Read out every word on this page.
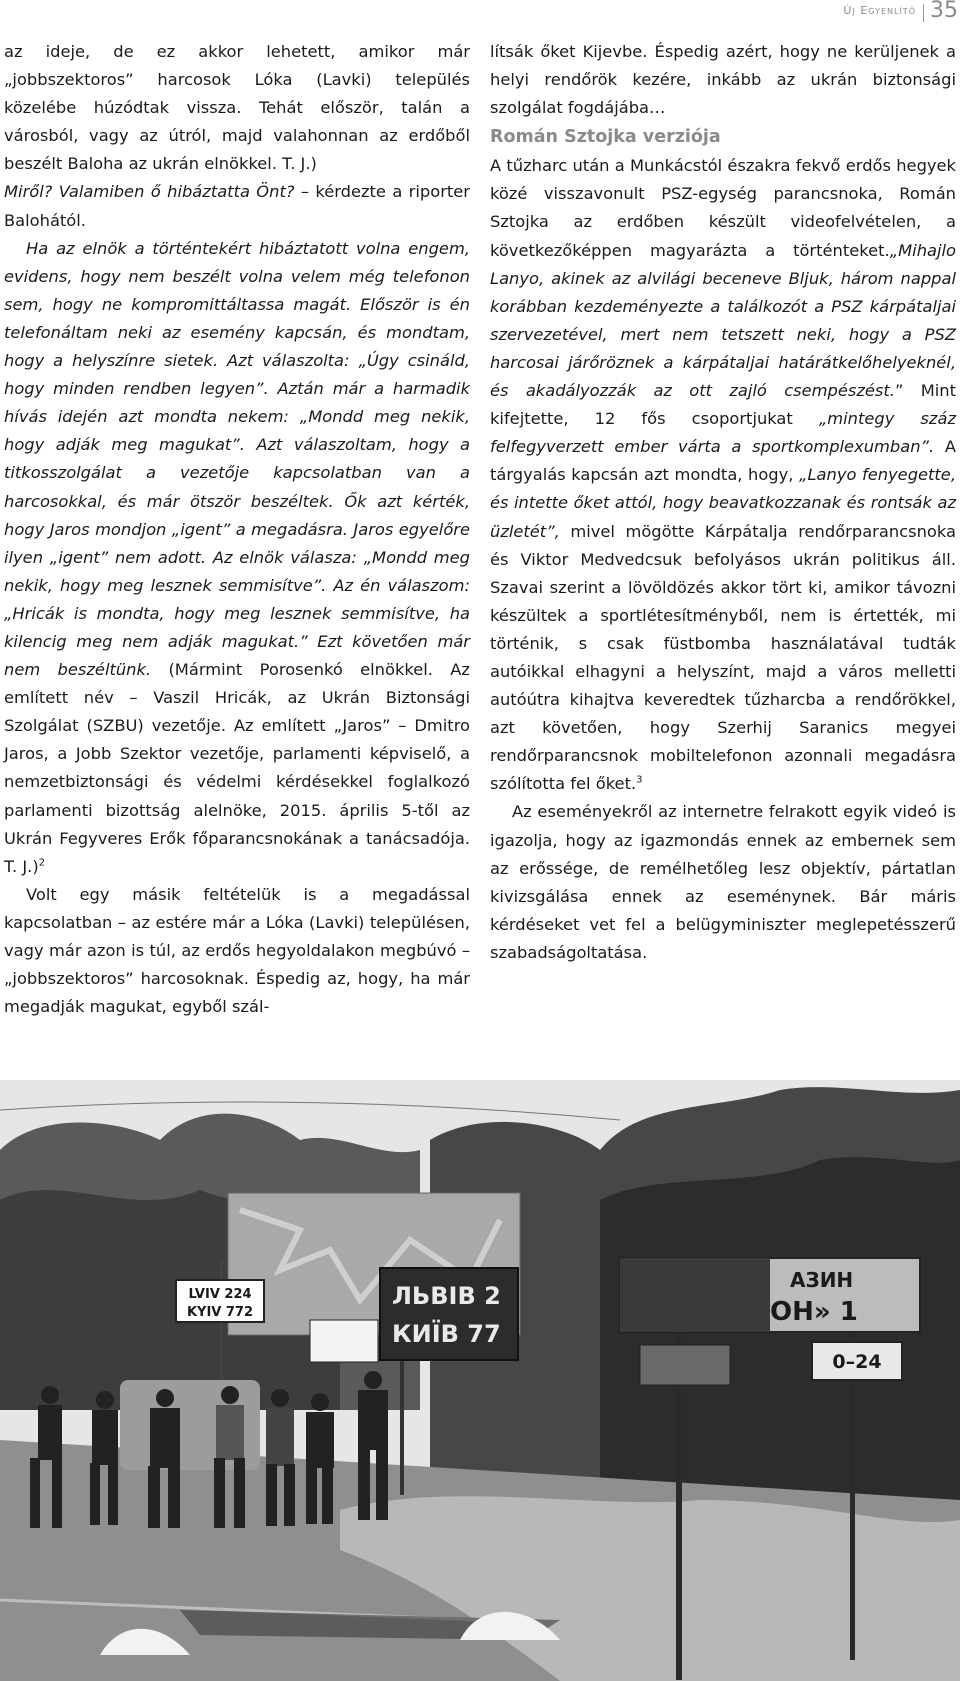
Új Egyenlítő 35

az ideje, de ez akkor lehetett, amikor már „jobbszektoros” harcosok Lóka (Lavki) település közelébe húzódtak vissza. Tehát először, talán a városból, vagy az útról, majd valahonnan az erdőből beszélt Baloha az ukrán elnökkel. T. J.)

Miről? Valamiben ő hibáztatta Önt? – kérdezte a riporter Balohától.

Ha az elnök a történtekért hibáztatott volna engem, evidens, hogy nem beszélt volna velem még telefonon sem, hogy ne kompromittáltassa magát. Először is én telefonáltam neki az esemény kapcsán, és mondtam, hogy a helyszínre sietek. Azt válaszolta: „Úgy csináld, hogy minden rendben legyen”. Aztán már a harmadik hívás idején azt mondta nekem: „Mondd meg nekik, hogy adják meg magukat”. Azt válaszoltam, hogy a titkosszolgálat a vezetője kapcsolatban van a harcosokkal, és már ötször beszéltek. Ők azt kérték, hogy Jaros mondjon „igent” a megadásra. Jaros egyelőre ilyen „igent” nem adott. Az elnök válasza: „Mondd meg nekik, hogy meg lesznek semmisítve”. Az én válaszom: „Hricák is mondta, hogy meg lesznek semmisítve, ha kilencig meg nem adják magukat.” Ezt követően már nem beszéltünk. (Mármint Porosenkó elnökkel. Az említett név – Vaszil Hricák, az Ukrán Biztonsági Szolgálat (SZBU) vezetője. Az említett „Jaros” – Dmitro Jaros, a Jobb Szektor vezetője, parlamenti képviselő, a nemzetbiztonsági és védelmi kérdésekkel foglalkozó parlamenti bizottság alelnöke, 2015. április 5-től az Ukrán Fegyveres Erők főparancsnokának a tanácsadója. T. J.)$^2$

Volt egy másik feltételük is a megadással kapcsolatban – az estére már a Lóka (Lavki) településen, vagy már azon is túl, az erdős hegyoldalakon megbúvó – „jobbszektoros” harcosoknak. Éspedig az, hogy, ha már megadják magukat, egyből szál-

lítsák őket Kijevbe. Éspedig azért, hogy ne kerüljenek a helyi rendőrök kezére, inkább az ukrán biztonsági szolgálat fogdájába…

Román Sztojka verziója

A tűzharc után a Munkácstól északra fekvő erdős hegyek közé visszavonult PSZ-egység parancsnoka, Román Sztojka az erdőben készült videofelvételen, a következőképpen magyarázta a történteket.„Mihajlo Lanyo, akinek az alvilági beceneve Bljuk, három nappal korábban kezdeményezte a találkozót a PSZ kárpátaljai szervezetével, mert nem tetszett neki, hogy a PSZ harcosai járőröznek a kárpátaljai határátkelőhelyeknél, és akadályozzák az ott zajló csempészést.” Mint kifejtette, 12 fős csoportjukat „mintegy száz felfegyverzett ember várta a sportkomplexumban”. A tárgyalás kapcsán azt mondta, hogy, „Lanyo fenyegette, és intette őket attól, hogy beavatkozzanak és rontsák az üzletét”, mivel mögötte Kárpátalja rendőrparancsnoka és Viktor Medvedcsuk befolyásos ukrán politikus áll. Szavai szerint a lövöldözés akkor tört ki, amikor távozni készültek a sportlétesítményből, nem is értették, mi történik, s csak füstbomba használatával tudták autóikkal elhagyni a helyszínt, majd a város melletti autóútra kihajtva keveredtek tűzharcba a rendőrökkel, azt követően, hogy Szerhij Saranics megyei rendőrparancsnok mobiltelefonon azonnali megadásra szólította fel őket.$^3$

Az eseményekről az internetre felrakott egyik videó is igazolja, hogy az igazmondás ennek az embernek sem az erőssége, de remélhetőleg lesz objektív, pártatlan kivizsgálása ennek az eseménynek. Bár máris kérdéseket vet fel a belügyminiszter meglepetésszerű szabadságoltatása.

LVIV 224
KYIV 772
ЛЬВІВ 2
КИЇВ 77
АЗИН
ОН» 1
0–24
